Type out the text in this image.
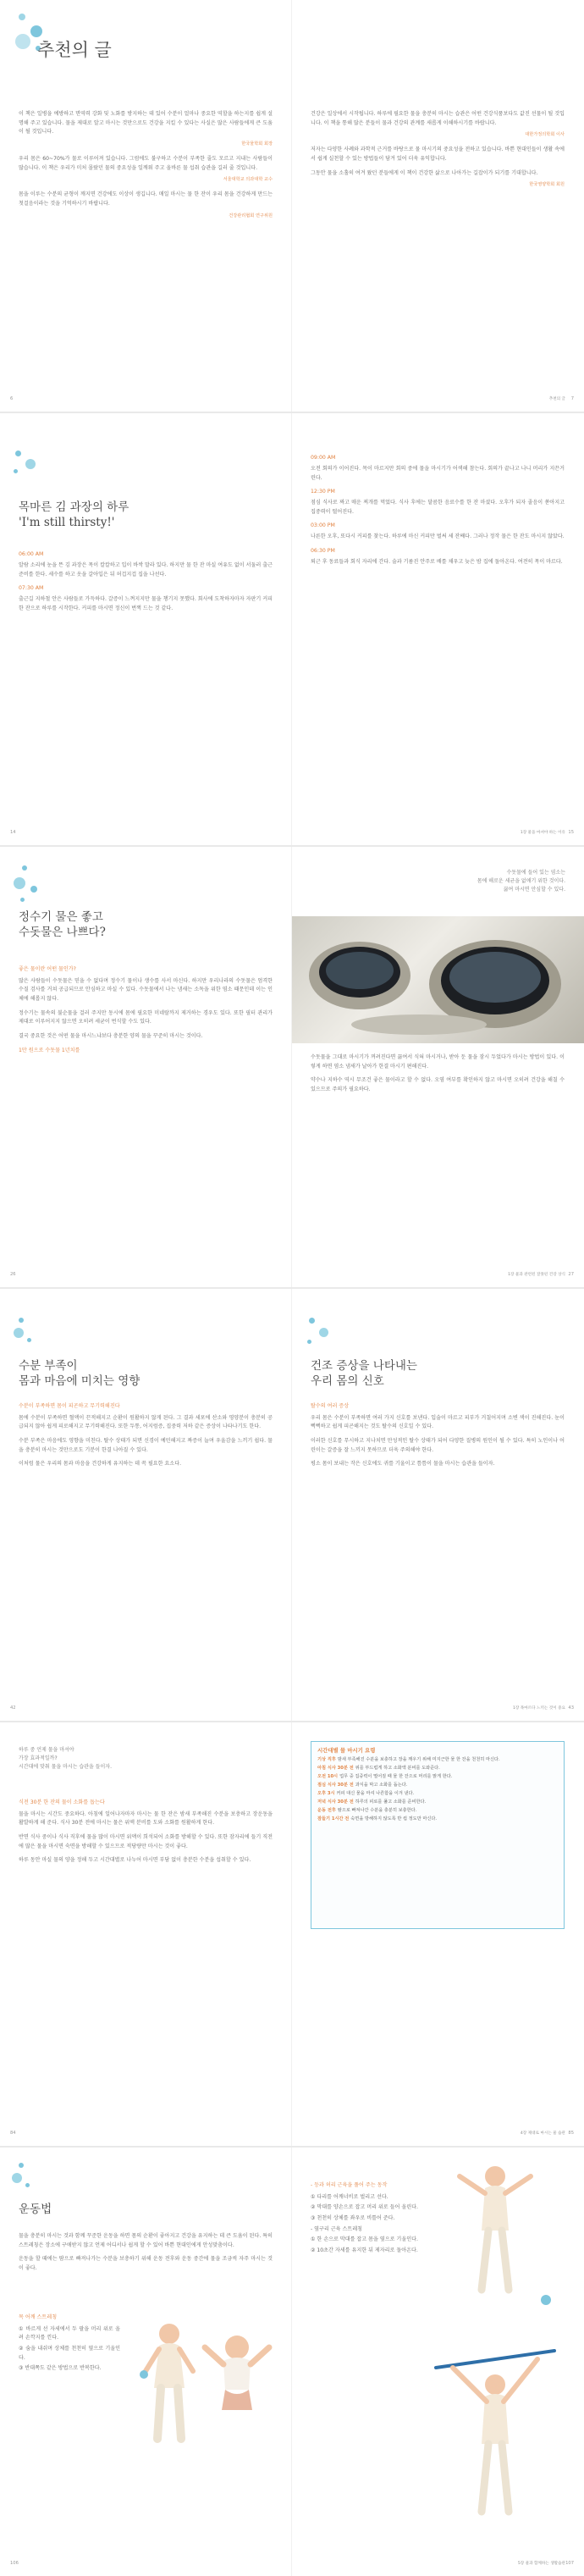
추천의 글

이 책은 일병을 예방하고 면역력 강화 및 노화를 방지하는 데 있어 수분이 얼마나 중요한 역할을 하는지를 쉽게 설명해 주고 있습니다. 물을 제대로 알고 마시는 것만으로도 건강을 지킬 수 있다는 사실은 많은 사람들에게 큰 도움이 될 것입니다.

한국물학회 회장

우리 몸은 60~70%가 물로 이루어져 있습니다. 그럼에도 불구하고 수분이 부족한 줄도 모르고 지내는 사람들이 많습니다. 이 책은 우리가 미처 몰랐던 물의 중요성을 일깨워 주고 올바른 물 섭취 습관을 길러 줄 것입니다.

서울대학교 의과대학 교수

몸을 이루는 수분의 균형이 깨지면 건강에도 이상이 생깁니다. 매일 마시는 물 한 잔이 우리 몸을 건강하게 만드는 첫걸음이라는 것을 기억하시기 바랍니다.

건강관리협회 연구위원
6

건강은 일상에서 시작됩니다. 하루에 필요한 물을 충분히 마시는 습관은 어떤 건강식품보다도 값진 선물이 될 것입니다. 이 책을 통해 많은 분들이 물과 건강의 관계를 새롭게 이해하시기를 바랍니다.

대한가정의학회 이사

저자는 다양한 사례와 과학적 근거를 바탕으로 물 마시기의 중요성을 전하고 있습니다. 바쁜 현대인들이 생활 속에서 쉽게 실천할 수 있는 방법들이 담겨 있어 더욱 유익합니다.

그동안 물을 소홀히 여겨 왔던 분들에게 이 책이 건강한 삶으로 나아가는 길잡이가 되기를 기대합니다.

한국영양학회 회원
추천의 글 7
목마른 김 과장의 하루
'I'm still thirsty!'
06:00 AM

알람 소리에 눈을 뜬 김 과장은 목이 칼칼하고 입이 바싹 말라 있다. 하지만 물 한 잔 마실 여유도 없이 서둘러 출근 준비를 한다. 세수를 하고 옷을 갈아입은 뒤 허겁지겁 집을 나선다.

07:30 AM

출근길 지하철 안은 사람들로 가득하다. 갈증이 느껴지지만 물을 챙기지 못했다. 회사에 도착하자마자 자판기 커피 한 잔으로 하루를 시작한다. 커피를 마시면 정신이 번쩍 드는 것 같다.

14
09:00 AM

오전 회의가 이어진다. 목이 마르지만 회의 중에 물을 마시기가 어색해 참는다. 회의가 끝나고 나니 머리가 지끈거린다.

12:30 PM

점심 식사로 짜고 매운 찌개를 먹었다. 식사 후에는 달콤한 음료수를 한 잔 마셨다. 오후가 되자 졸음이 쏟아지고 집중력이 떨어진다.

03:00 PM

나른한 오후, 또다시 커피를 찾는다. 하루에 마신 커피만 벌써 세 잔째다. 그러나 정작 물은 한 잔도 마시지 않았다.

06:30 PM

퇴근 후 동료들과 회식 자리에 간다. 술과 기름진 안주로 배를 채우고 늦은 밤 집에 돌아온다. 여전히 목이 마르다.

1장 물을 마셔야 하는 이유 15
정수기 물은 좋고
수돗물은 나쁘다?
좋은 물이란 어떤 물인가?

많은 사람들이 수돗물은 믿을 수 없다며 정수기 물이나 생수를 사서 마신다. 하지만 우리나라의 수돗물은 엄격한 수질 검사를 거쳐 공급되므로 안심하고 마실 수 있다. 수돗물에서 나는 냄새는 소독을 위한 염소 때문인데 이는 인체에 해롭지 않다.

정수기는 물속의 불순물을 걸러 주지만 동시에 몸에 필요한 미네랄까지 제거하는 경우도 있다. 또한 필터 관리가 제대로 이루어지지 않으면 오히려 세균이 번식할 수도 있다.

결국 중요한 것은 어떤 물을 마시느냐보다 충분한 양의 물을 꾸준히 마시는 것이다.

1만 원으로 수돗물 1년치를
26
수돗물에 들어 있는 염소는
몸에 해로운 세균을 없애기 위한 것이다.
끓여 마시면 안심할 수 있다.

수돗물을 그대로 마시기가 꺼려진다면 끓여서 식혀 마시거나, 받아 둔 물을 잠시 두었다가 마시는 방법이 있다. 이렇게 하면 염소 냄새가 날아가 한결 마시기 편해진다.

약수나 지하수 역시 무조건 좋은 물이라고 할 수 없다. 오염 여부를 확인하지 않고 마시면 오히려 건강을 해칠 수 있으므로 주의가 필요하다.

1장 물과 관련된 잘못된 건강 상식 27
수분 부족이
몸과 마음에 미치는 영향
수분이 부족하면 몸이 피곤하고 무기력해진다

몸에 수분이 부족하면 혈액이 끈적해지고 순환이 원활하지 않게 된다. 그 결과 세포에 산소와 영양분이 충분히 공급되지 않아 쉽게 피로해지고 무기력해진다. 또한 두통, 어지럼증, 집중력 저하 같은 증상이 나타나기도 한다.

수분 부족은 마음에도 영향을 미친다. 탈수 상태가 되면 신경이 예민해지고 짜증이 늘며 우울감을 느끼기 쉽다. 물을 충분히 마시는 것만으로도 기분이 한결 나아질 수 있다.

이처럼 물은 우리의 몸과 마음을 건강하게 유지하는 데 꼭 필요한 요소다.

42
건조 증상을 나타내는
우리 몸의 신호
탈수의 여러 증상

우리 몸은 수분이 부족하면 여러 가지 신호를 보낸다. 입술이 마르고 피부가 거칠어지며 소변 색이 진해진다. 눈이 뻑뻑하고 쉽게 피곤해지는 것도 탈수의 신호일 수 있다.

이러한 신호를 무시하고 지나치면 만성적인 탈수 상태가 되어 다양한 질병의 원인이 될 수 있다. 특히 노인이나 어린이는 갈증을 잘 느끼지 못하므로 더욱 주의해야 한다.

평소 몸이 보내는 작은 신호에도 귀를 기울이고 틈틈이 물을 마시는 습관을 들이자.

1장 목마르다 느끼는 것이 중요 43
하루 중 언제 물을 마셔야
가장 효과적일까?
시간대에 맞춰 물을 마시는 습관을 들이자.
식전 30분 한 잔의 물이 소화를 돕는다

물을 마시는 시간도 중요하다. 아침에 일어나자마자 마시는 물 한 잔은 밤새 부족해진 수분을 보충하고 장운동을 활발하게 해 준다. 식사 30분 전에 마시는 물은 위액 분비를 도와 소화를 원활하게 한다.

반면 식사 중이나 식사 직후에 물을 많이 마시면 위액이 희석되어 소화를 방해할 수 있다. 또한 잠자리에 들기 직전에 많은 물을 마시면 숙면을 방해할 수 있으므로 적당량만 마시는 것이 좋다.

하루 동안 마실 물의 양을 정해 두고 시간대별로 나누어 마시면 부담 없이 충분한 수분을 섭취할 수 있다.

84
시간대별 물 마시기 요령
기상 직후 밤새 부족해진 수분을 보충하고 장을 깨우기 위해 미지근한 물 한 잔을 천천히 마신다.
아침 식사 30분 전 위를 부드럽게 하고 소화액 분비를 도와준다.
오전 10시 업무 중 집중력이 떨어질 때 물 한 잔으로 머리를 맑게 한다.
점심 식사 30분 전 과식을 막고 소화를 돕는다.
오후 3시 커피 대신 물을 마셔 나른함을 이겨 낸다.
저녁 식사 30분 전 하루의 피로를 풀고 소화를 준비한다.
운동 전후 땀으로 빠져나간 수분을 충분히 보충한다.
잠들기 1시간 전 숙면을 방해하지 않도록 반 컵 정도만 마신다.
4장 제대로 마시는 물 습관 85
운동법

물을 충분히 마시는 것과 함께 꾸준한 운동을 하면 몸의 순환이 좋아지고 건강을 유지하는 데 큰 도움이 된다. 특히 스트레칭은 장소에 구애받지 않고 언제 어디서나 쉽게 할 수 있어 바쁜 현대인에게 안성맞춤이다.

운동을 할 때에는 땀으로 빠져나가는 수분을 보충하기 위해 운동 전후와 운동 중간에 물을 조금씩 자주 마시는 것이 좋다.

목 어깨 스트레칭

① 바르게 선 자세에서 두 팔을 머리 위로 올려 손깍지를 낀다.

② 숨을 내쉬며 상체를 천천히 옆으로 기울인다.

③ 반대쪽도 같은 방법으로 반복한다.

106
- 등과 허리 근육을 풀어 주는 동작

① 다리를 어깨너비로 벌리고 선다.

② 막대를 양손으로 잡고 머리 위로 들어 올린다.

③ 천천히 상체를 좌우로 비틀어 준다.

- 옆구리 근육 스트레칭

① 한 손으로 막대를 잡고 몸을 옆으로 기울인다.

② 10초간 자세를 유지한 뒤 제자리로 돌아온다.

5장 물과 함께하는 생활습관 107
